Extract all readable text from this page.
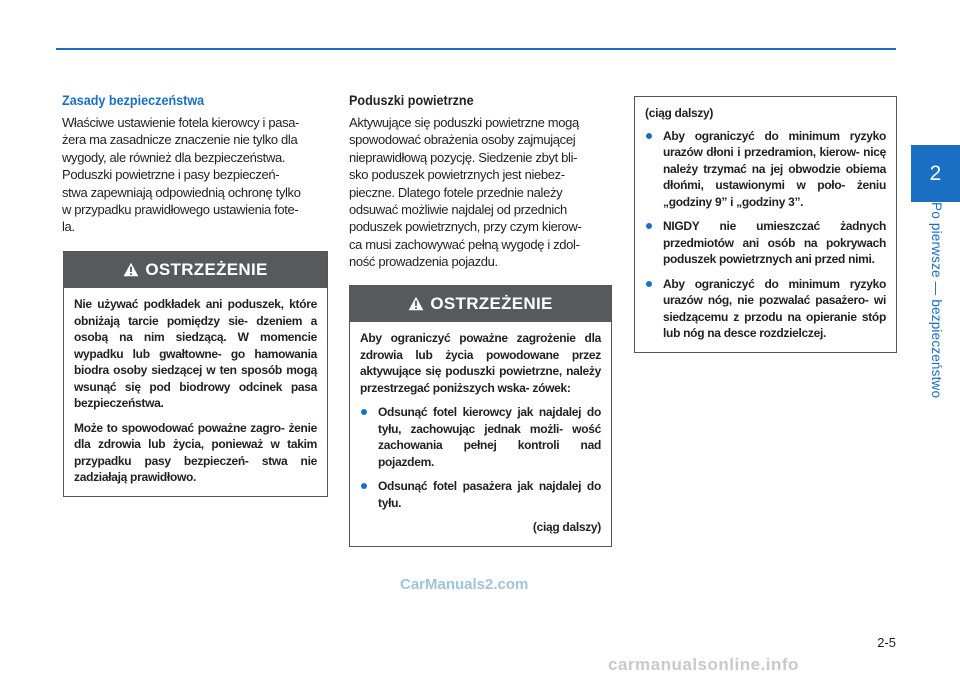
2
Po pierwsze — bezpieczeństwo
Zasady bezpieczeństwa
Właściwe ustawienie fotela kierowcy i pasa-
żera ma zasadnicze znaczenie nie tylko dla
wygody, ale również dla bezpieczeństwa.
Poduszki powietrzne i pasy bezpieczeń-
stwa zapewniają odpowiednią ochronę tylko
w przypadku prawidłowego ustawienia fote-
la.
OSTRZEŻENIE

Nie używać podkładek ani poduszek, które obniżają tarcie pomiędzy sie- dzeniem a osobą na nim siedzącą. W momencie wypadku lub gwałtowne- go hamowania biodra osoby siedzącej w ten sposób mogą wsunąć się pod biodrowy odcinek pasa bezpieczeństwa.

Może to spowodować poważne zagro- żenie dla zdrowia lub życia, ponieważ w takim przypadku pasy bezpieczeń- stwa nie zadziałają prawidłowo.

Poduszki powietrzne
Aktywujące się poduszki powietrzne mogą
spowodować obrażenia osoby zajmującej
nieprawidłową pozycję. Siedzenie zbyt bli-
sko poduszek powietrznych jest niebez-
pieczne. Dlatego fotele przednie należy
odsuwać możliwie najdalej od przednich
poduszek powietrznych, przy czym kierow-
ca musi zachowywać pełną wygodę i zdol-
ność prowadzenia pojazdu.
OSTRZEŻENIE

Aby ograniczyć poważne zagrożenie dla zdrowia lub życia powodowane przez aktywujące się poduszki powietrzne, należy przestrzegać poniższych wska- zówek:

Odsunąć fotel kierowcy jak najdalej do tyłu, zachowując jednak możli- wość zachowania pełnej kontroli nad pojazdem.
Odsunąć fotel pasażera jak najdalej do tyłu.
(ciąg dalszy)
(ciąg dalszy)
Aby ograniczyć do minimum ryzyko urazów dłoni i przedramion, kierow- nicę należy trzymać na jej obwodzie obiema dłońmi, ustawionymi w poło- żeniu „godziny 9” i „godziny 3”.
NIGDY nie umieszczać żadnych przedmiotów ani osób na pokrywach poduszek powietrznych ani przed nimi.
Aby ograniczyć do minimum ryzyko urazów nóg, nie pozwalać pasażero- wi siedzącemu z przodu na opieranie stóp lub nóg na desce rozdzielczej.
2-5
CarManuals2.com
carmanualsonline.info
